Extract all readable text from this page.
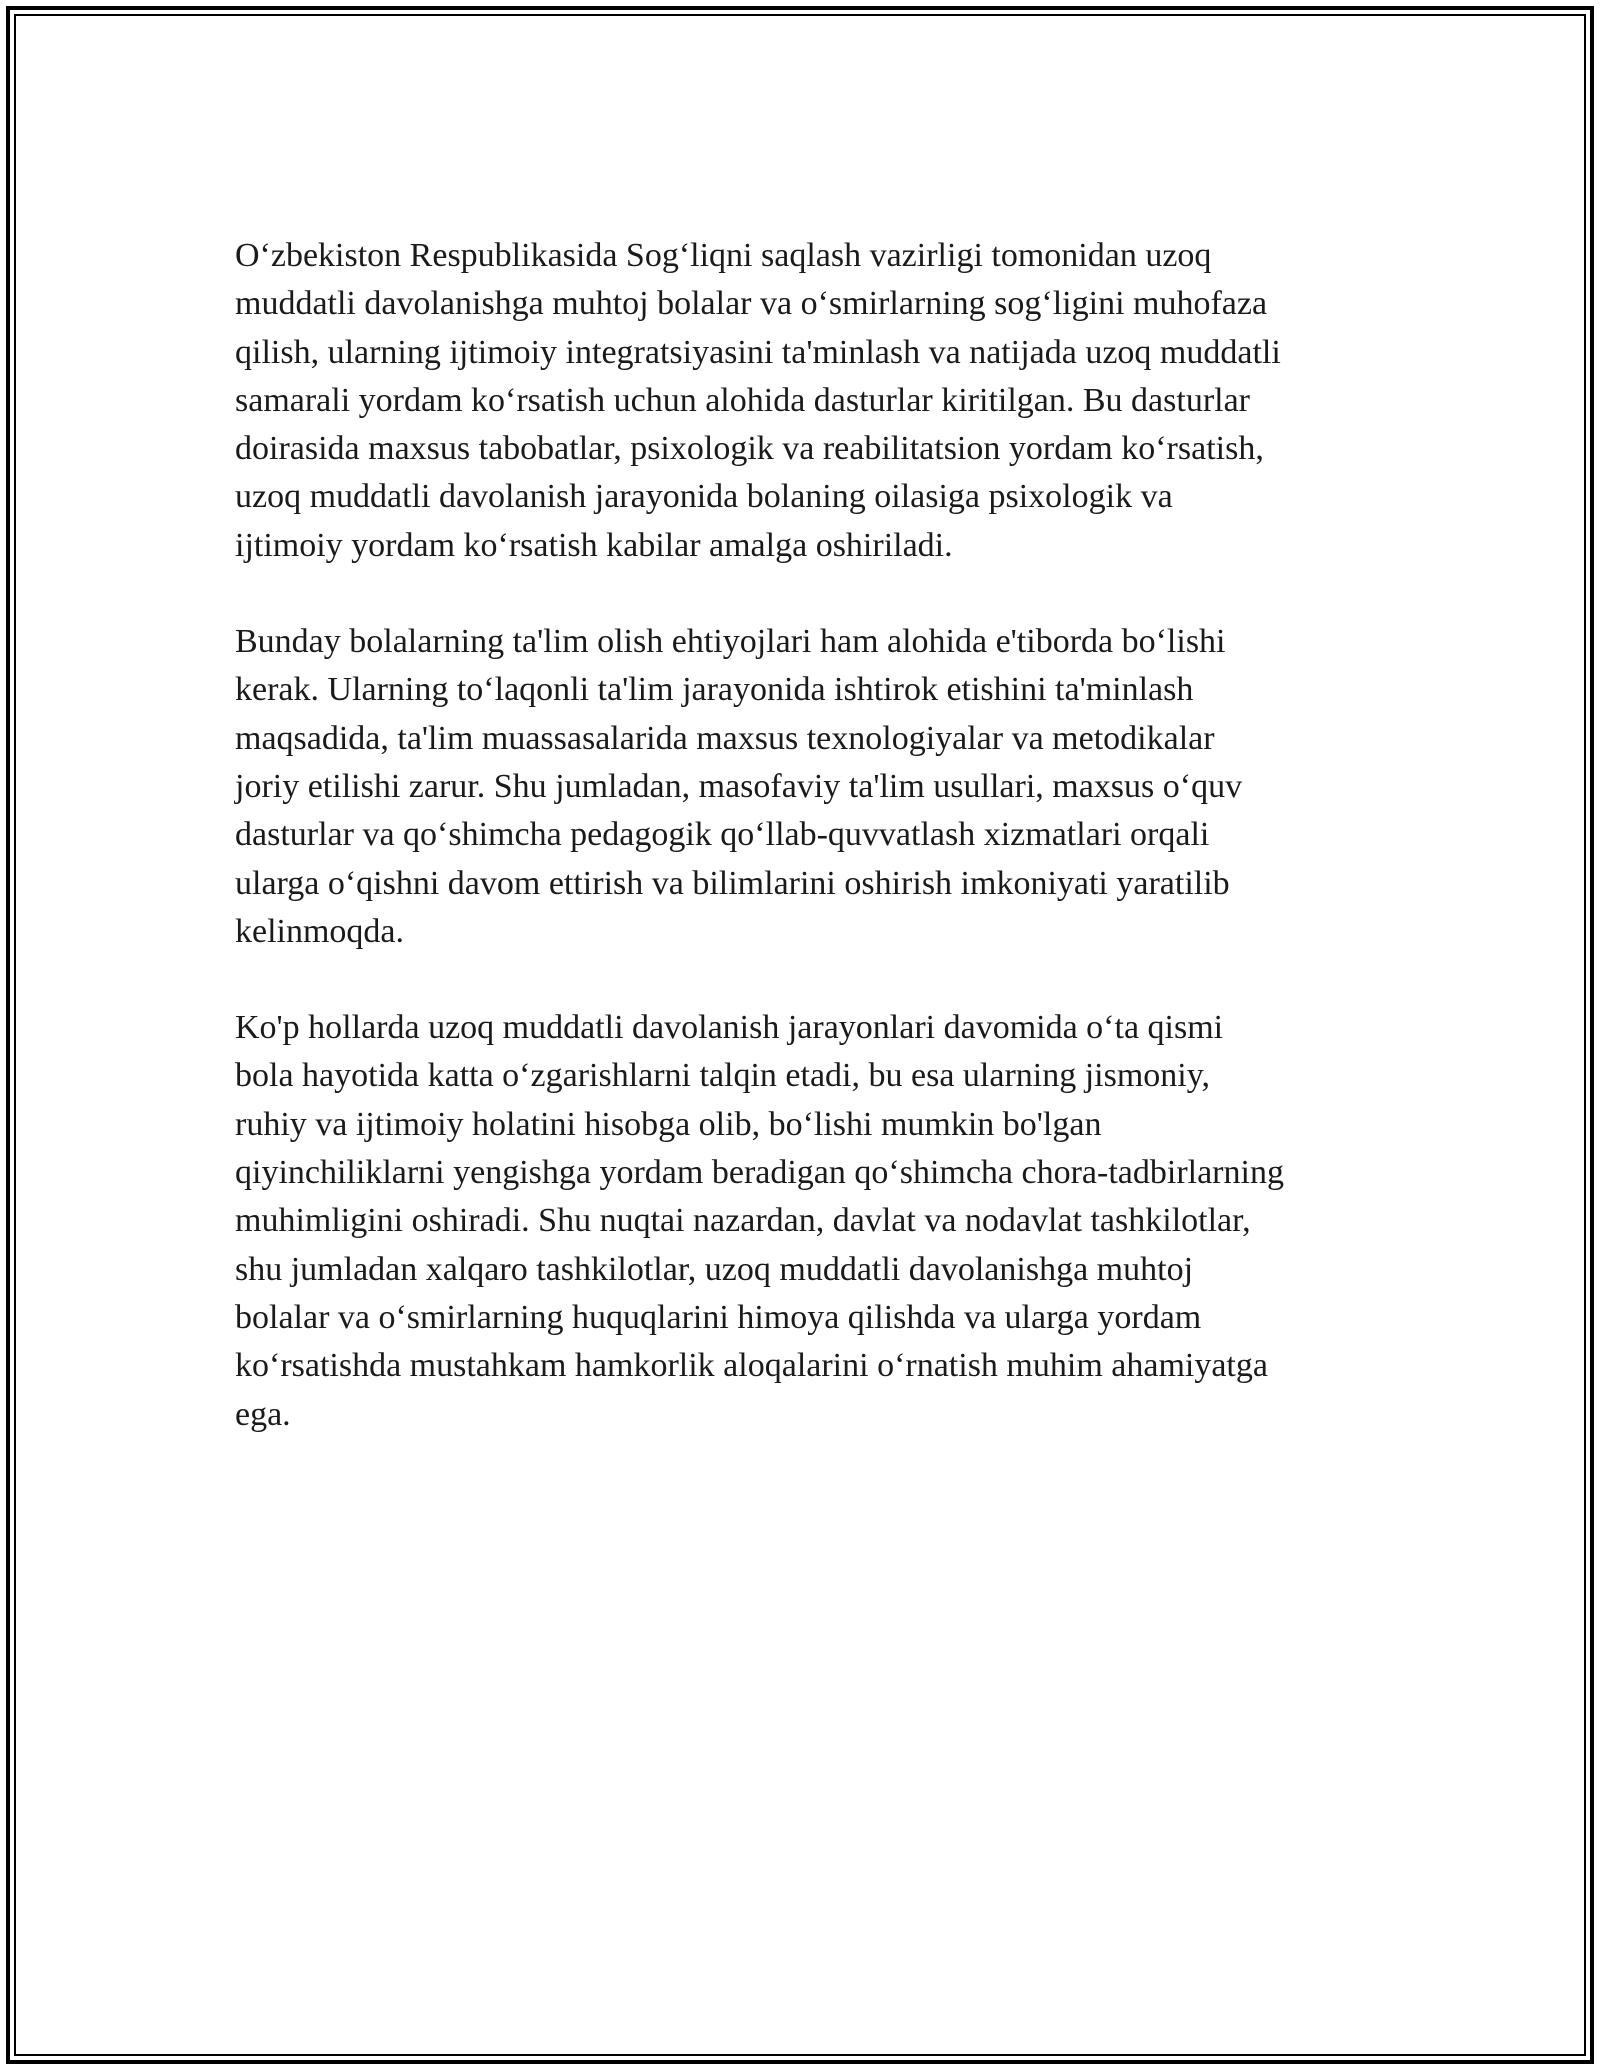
Oʻzbekiston Respublikasida Sogʻliqni saqlash vazirligi tomonidan uzoq
muddatli davolanishga muhtoj bolalar va oʻsmirlarning sogʻligini muhofaza
qilish, ularning ijtimoiy integratsiyasini ta'minlash va natijada uzoq muddatli
samarali yordam koʻrsatish uchun alohida dasturlar kiritilgan. Bu dasturlar
doirasida maxsus tabobatlar, psixologik va reabilitatsion yordam koʻrsatish,
uzoq muddatli davolanish jarayonida bolaning oilasiga psixologik va
ijtimoiy yordam koʻrsatish kabilar amalga oshiriladi.

Bunday bolalarning ta'lim olish ehtiyojlari ham alohida e'tiborda boʻlishi
kerak. Ularning toʻlaqonli ta'lim jarayonida ishtirok etishini ta'minlash
maqsadida, ta'lim muassasalarida maxsus texnologiyalar va metodikalar
joriy etilishi zarur. Shu jumladan, masofaviy ta'lim usullari, maxsus oʻquv
dasturlar va qoʻshimcha pedagogik qoʻllab-quvvatlash xizmatlari orqali
ularga oʻqishni davom ettirish va bilimlarini oshirish imkoniyati yaratilib
kelinmoqda.

Ko'p hollarda uzoq muddatli davolanish jarayonlari davomida oʻta qismi
bola hayotida katta oʻzgarishlarni talqin etadi, bu esa ularning jismoniy,
ruhiy va ijtimoiy holatini hisobga olib, boʻlishi mumkin bo'lgan
qiyinchiliklarni yengishga yordam beradigan qoʻshimcha chora-tadbirlarning
muhimligini oshiradi. Shu nuqtai nazardan, davlat va nodavlat tashkilotlar,
shu jumladan xalqaro tashkilotlar, uzoq muddatli davolanishga muhtoj
bolalar va oʻsmirlarning huquqlarini himoya qilishda va ularga yordam
koʻrsatishda mustahkam hamkorlik aloqalarini oʻrnatish muhim ahamiyatga
ega.
